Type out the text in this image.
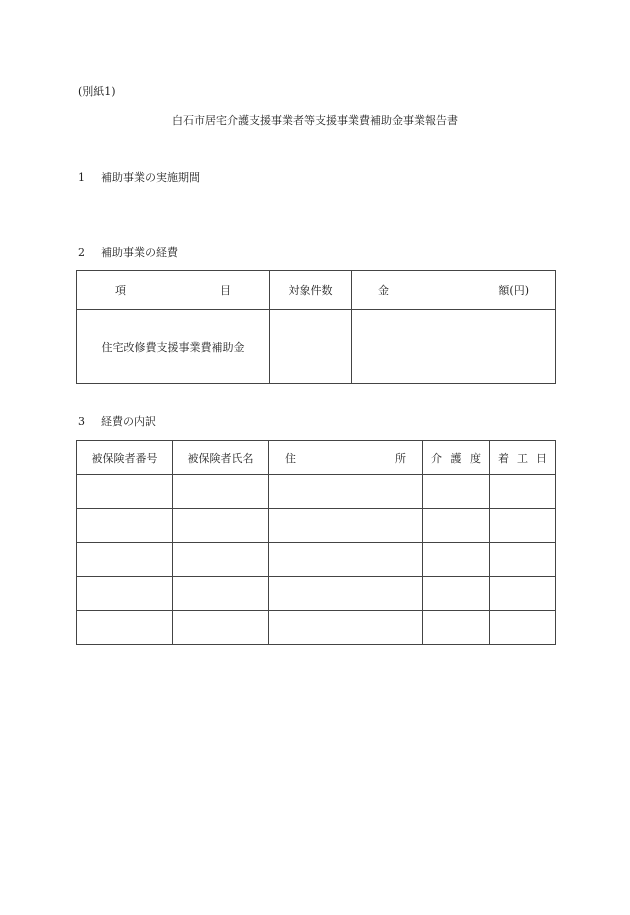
(別紙1)
白石市居宅介護支援事業者等支援事業費補助金事業報告書
1 補助事業の実施期間
2 補助事業の経費
項 目	対象件数	金 額(円)

住宅改修費支援事業費補助金		
3 経費の内訳
被保険者番号	被保険者氏名	住 所	介 護 度	着 工 日
